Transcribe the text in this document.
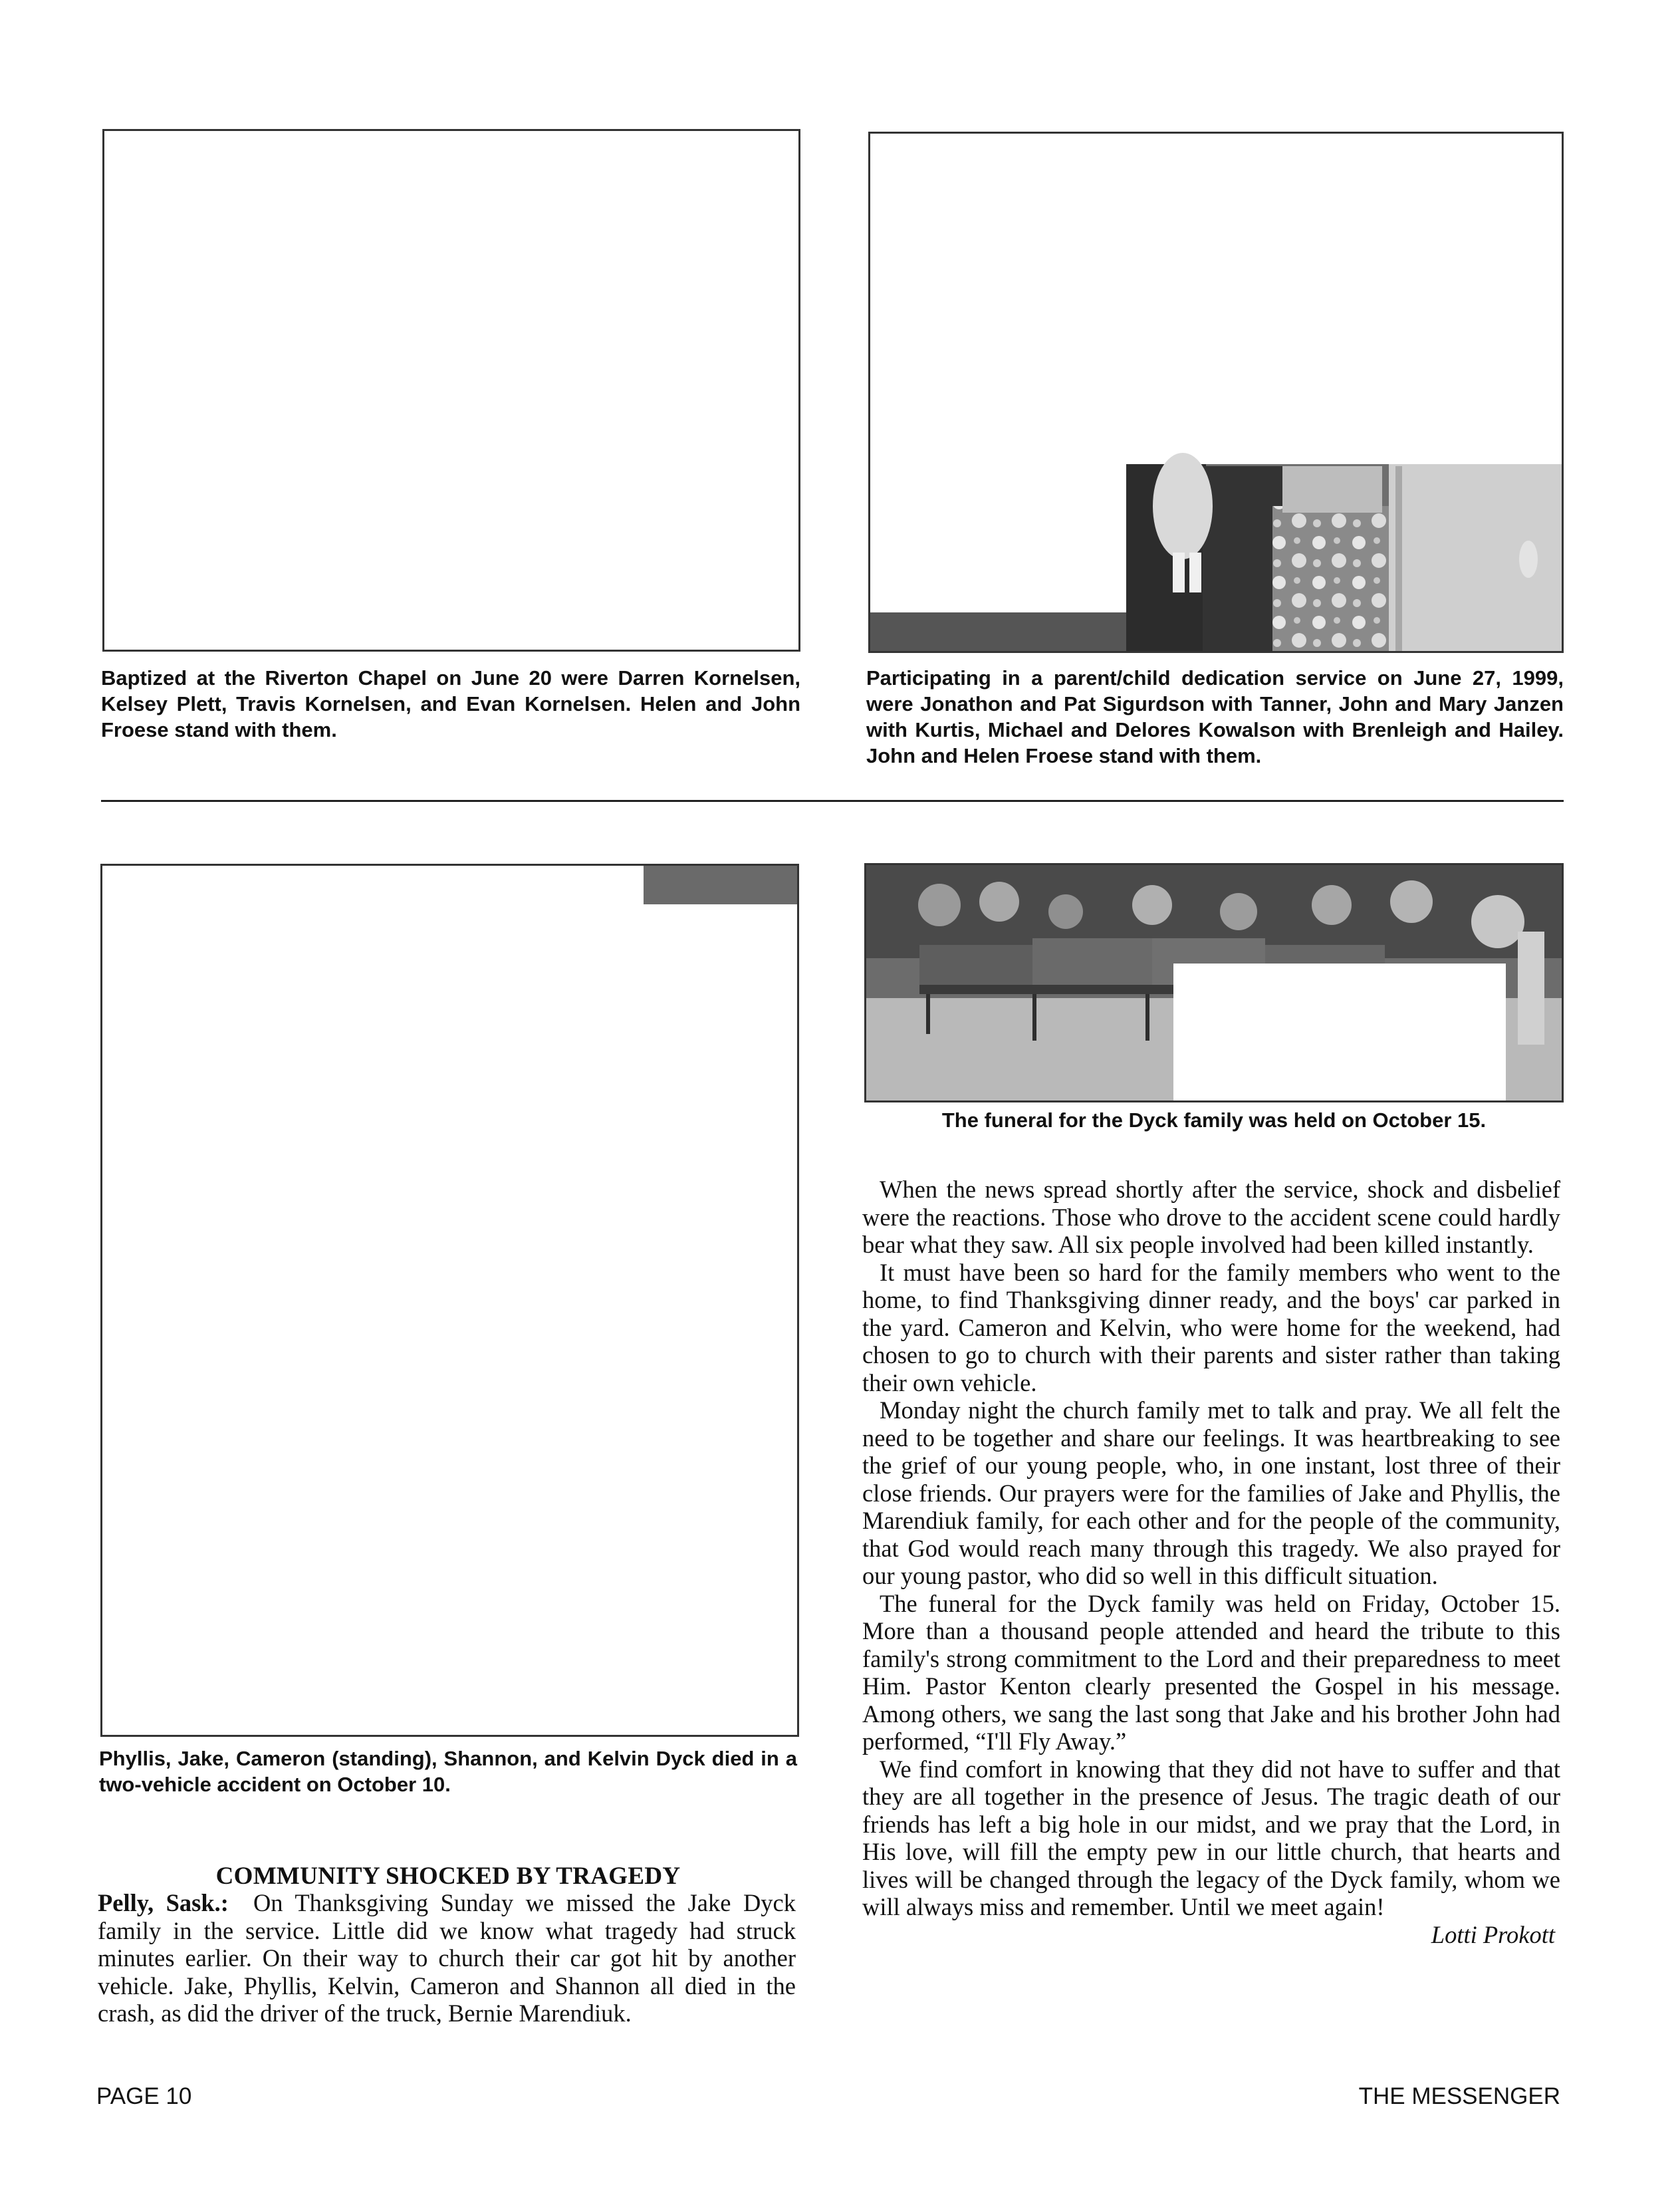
Baptized at the Riverton Chapel on June 20 were Darren Kornelsen, Kelsey Plett, Travis Kornelsen, and Evan Kornelsen. Helen and John Froese stand with them.
Participating in a parent/child dedication service on June 27, 1999, were Jonathon and Pat Sigurdson with Tanner, John and Mary Janzen with Kurtis, Michael and Delores Kowalson with Brenleigh and Hailey. John and Helen Froese stand with them.
Phyllis, Jake, Cameron (standing), Shannon, and Kelvin Dyck died in a two-vehicle accident on October 10.
The funeral for the Dyck family was held on October 15.
COMMUNITY SHOCKED BY TRAGEDY

Pelly, Sask.: On Thanksgiving Sunday we missed the Jake Dyck family in the service. Little did we know what tragedy had struck minutes earlier. On their way to church their car got hit by another vehicle. Jake, Phyllis, Kelvin, Cameron and Shannon all died in the crash, as did the driver of the truck, Bernie Marendiuk.

When the news spread shortly after the service, shock and disbelief were the reactions. Those who drove to the accident scene could hardly bear what they saw. All six people involved had been killed instantly.

It must have been so hard for the family members who went to the home, to find Thanksgiving dinner ready, and the boys' car parked in the yard. Cameron and Kelvin, who were home for the weekend, had chosen to go to church with their parents and sister rather than taking their own vehicle.

Monday night the church family met to talk and pray. We all felt the need to be together and share our feelings. It was heartbreaking to see the grief of our young people, who, in one instant, lost three of their close friends. Our prayers were for the families of Jake and Phyllis, the Marendiuk family, for each other and for the people of the community, that God would reach many through this tragedy. We also prayed for our young pastor, who did so well in this difficult situation.

The funeral for the Dyck family was held on Friday, October 15. More than a thousand people attended and heard the tribute to this family's strong commitment to the Lord and their preparedness to meet Him. Pastor Kenton clearly presented the Gospel in his message. Among others, we sang the last song that Jake and his brother John had performed, “I'll Fly Away.”

We find comfort in knowing that they did not have to suffer and that they are all together in the presence of Jesus. The tragic death of our friends has left a big hole in our midst, and we pray that the Lord, in His love, will fill the empty pew in our little church, that hearts and lives will be changed through the legacy of the Dyck family, whom we will always miss and remember. Until we meet again!

Lotti Prokott
PAGE 10	THE MESSENGER
